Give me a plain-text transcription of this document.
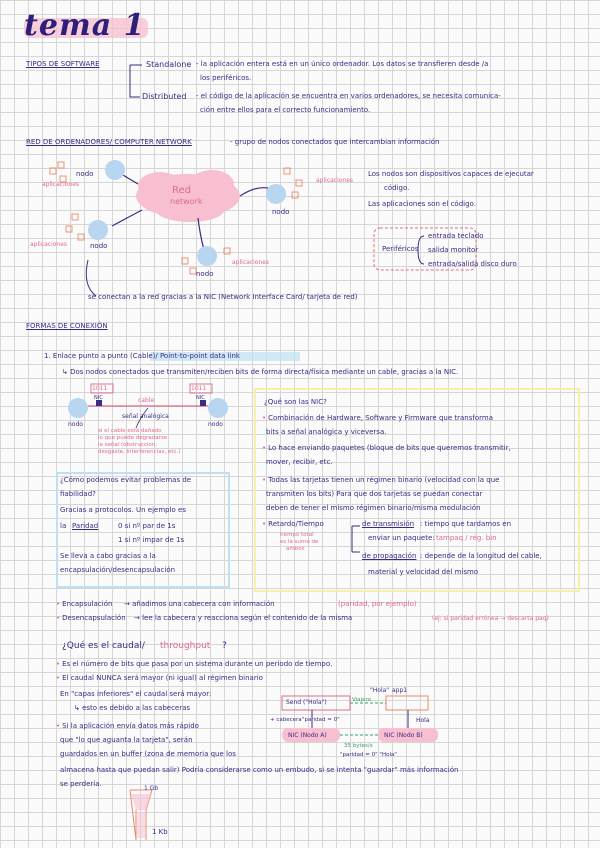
tema 1
TIPOS DE SOFTWARE	Standalone - la aplicación entera está en un único ordenador. Los datos se transfieren desde /a
los periféricos.
Distributed - el código de la aplicación se encuentra en varios ordenadores, se necesita comunica-
ción entre ellos para el correcto funcionamiento.
RED DE ORDENADORES/ COMPUTER NETWORK	- grupo de nodos conectados que intercambian información
Red
network
nodo
nodo
nodo
nodo
aplicaciones
aplicaciones
aplicaciones
aplicaciones
Los nodos son dispositivos capaces de ejecutar
código.
Las aplicaciones son el código.
Periféricos
entrada teclado
salida monitor
entrada/salida disco duro
se conectan a la red gracias a la NIC (Network Interface Card/ tarjeta de red)
FORMAS DE CONEXIÓN
1. Enlace punto a punto (Cable)/ Point-to-point data link
↳ Dos nodos conectados que transmiten/reciben bits de forma directa/física mediante un cable, gracias a la NIC.
1011	1011
cable
NIC	NIC
nodo	nodo
señal analógica
si el cable está dañado
lo que puede degradarse
la señal (obstrucción,
desgaste, interferencias, etc.)
¿Cómo podemos evitar problemas de
fiabilidad?
Gracias a protocolos. Un ejemplo es
la Paridad	0 si nº par de 1s
1 si nº impar de 1s
Se lleva a cabo gracias a la
encapsulación/desencapsulación
¿Qué son las NIC?
• Combinación de Hardware, Software y Firmware que transforma
bits a señal analógica y viceversa.
• Lo hace enviando paquetes (bloque de bits que queremos transmitir,
mover, recibir, etc.
• Todas las tarjetas tienen un régimen binario (velocidad con la que
transmiten los bits) Para que dos tarjetas se puedan conectar
deben de tener el mismo régimen binario/misma modulación
• Retardo/Tiempo	de transmisión : tiempo que tardamos en
enviar un paquete: tampaq / rég. bin
de propagación : depende de la longitud del cable,
material y velocidad del mismo
tiempo total
es la suma de
ambos
• Encapsulación → añadimos una cabecera con información	(paridad, por ejemplo)
• Desencapsulación → lee la cabecera y reacciona según el contenido de la misma	(ej: si paridad errónea → descarta paq)
¿Qué es el caudal/ throughput ?
• Es el número de bits que pasa por un sistema durante un periodo de tiempo.
• El caudal NUNCA será mayor (ni igual) al régimen binario
En "capas inferiores" el caudal será mayor:
↳ esto es debido a las cabeceras
• Si la aplicación envía datos más rápido
que "lo que aguanta la tarjeta", serán
guardados en un buffer (zona de memoria que los
almacena hasta que puedan salir) Podría considerarse como un embudo, si se intenta "guardar" más información
se perdería.
Send ("Hola")
app1
"Hola"
Viajero
Hola
+ cabecera "paridad = 0"
NIC (Nodo A)	NIC (Nodo B)
35 bytes/s
"paridad = 0" "Hola"
1 Gb
1 Kb
